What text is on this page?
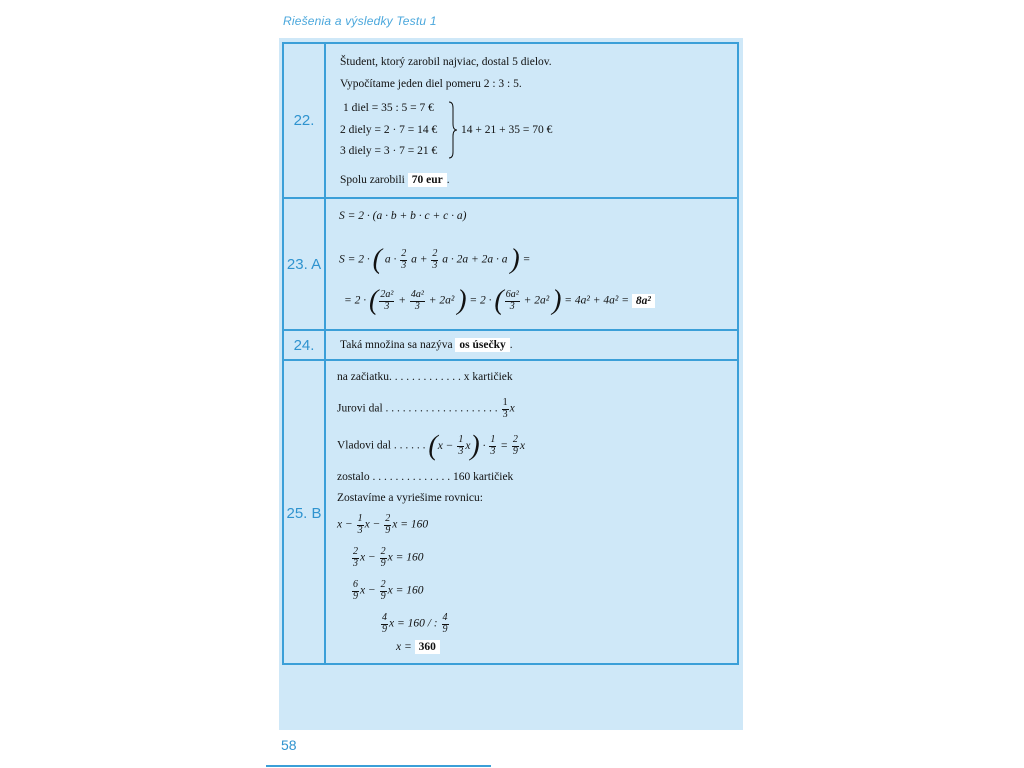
Riešenia a výsledky Testu 1
22.
23. A
24.
25. B
Študent, ktorý zarobil najviac, dostal 5 dielov.
Vypočítame jeden diel pomeru 2 : 3 : 5.
1 diel = 35 : 5 = 7 €
2 diely = 2 · 7 = 14 €
3 diely = 3 · 7 = 21 €
14 + 21 + 35 = 70 €
Spolu zarobili 70 eur .
S = 2 · (a · b + b · c + c · a)
S = 2 · ( $a \cdot \frac{2}{3}$ $a + \frac{2}{3}$ a · 2a + 2a · a ) =
= 2 · ( $\frac{\text{2a²}}{3} + \frac{\text{4a²}}{3} + 2a^2$ ) = 2 · ( $\frac{\text{6a²}}{3} + 2a^2$ ) = 4a² + 4a² = 8a²
Taká množina sa nazýva os úsečky .
na začiatku. . . . . . . . . . . . . x kartičiek
Jurovi dal . . . . . . . . . . . . . . . . . . . . $\frac{1}{3}$ x
Vladovi dal . . . . . . $(x - \frac{1}{3} x) \cdot \frac{1}{3} = \frac{2}{9}$ x
zostalo . . . . . . . . . . . . . . 160 kartičiek
Zostavíme a vyriešime rovnicu:
$x - \frac{1}{3}$ $x - \frac{2}{9}$ x = 160
$\frac{2}{3}$ $x - \frac{2}{9}$ x = 160
$\frac{6}{9}$ $x - \frac{2}{9}$ x = 160
$\frac{4}{9}$ x = 160 / : $\frac{4}{9}$
x = 360
58
